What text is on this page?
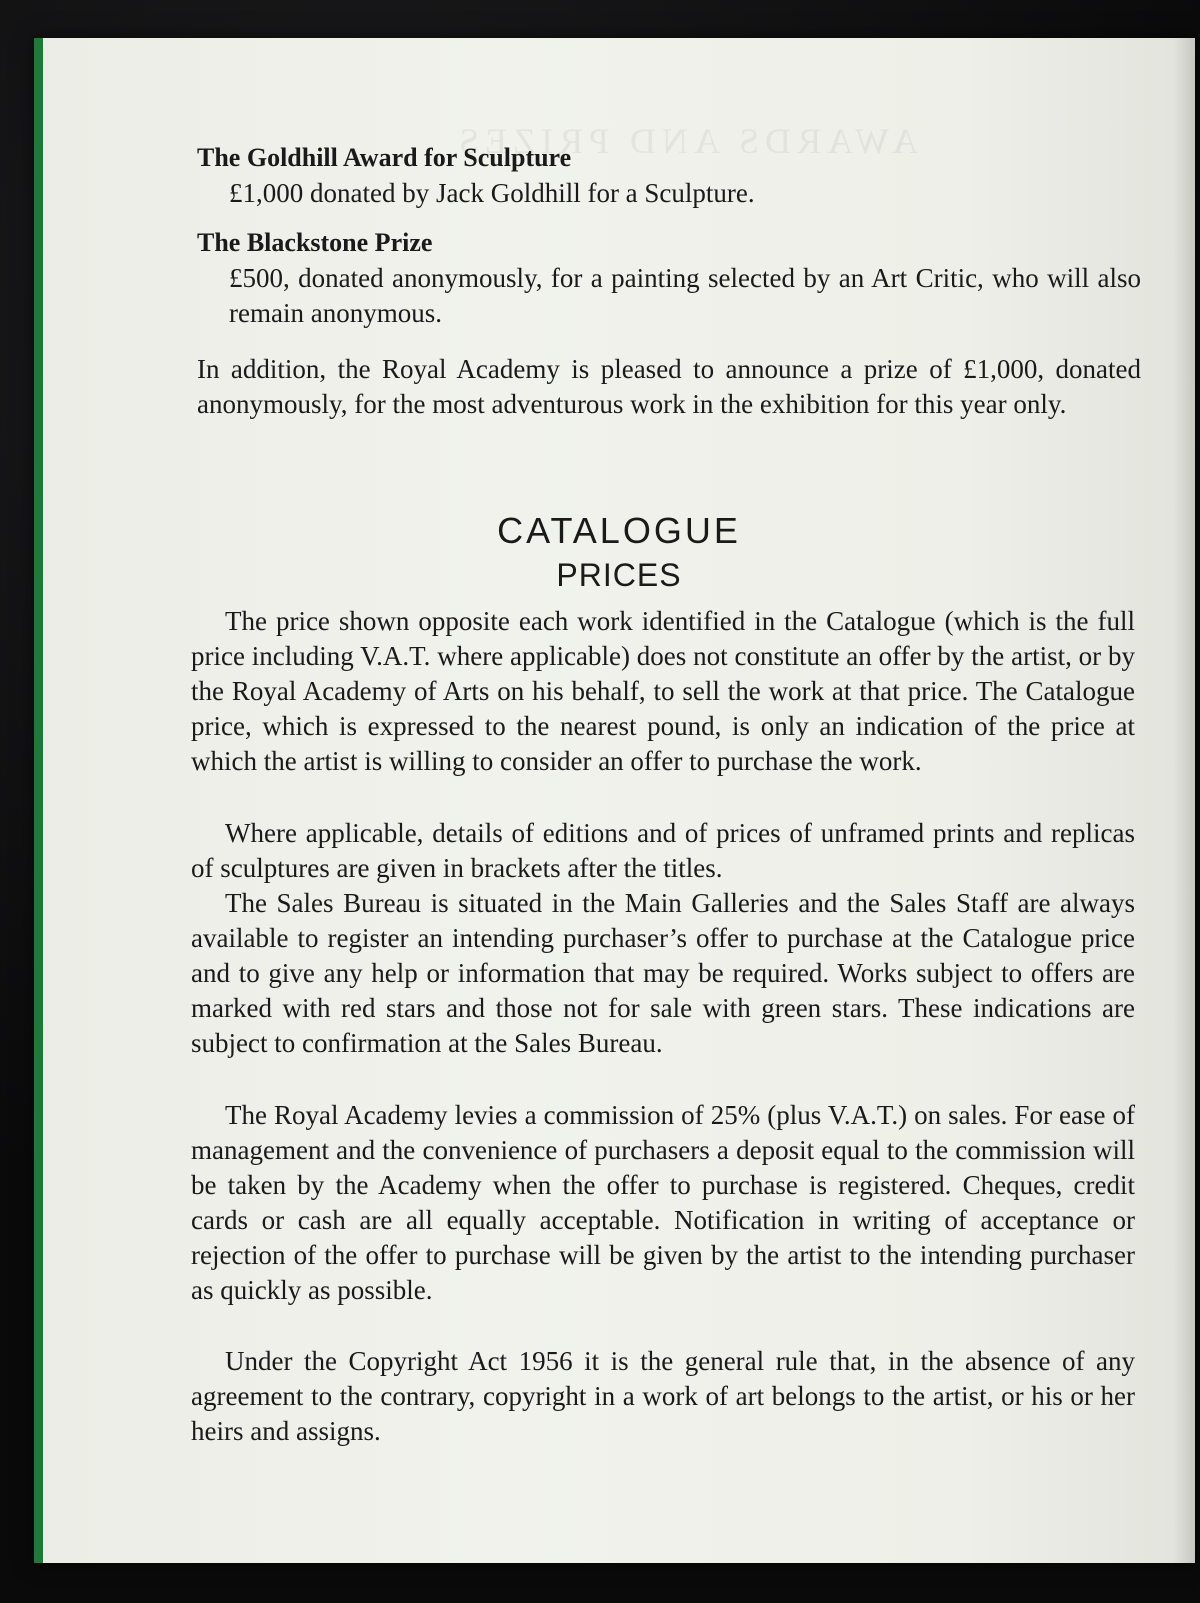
AWARDS AND PRIZES
The Goldhill Award for Sculpture
£1,000 donated by Jack Goldhill for a Sculpture.
The Blackstone Prize
£500, donated anonymously, for a painting selected by an Art Critic, who will also remain anonymous.
In addition, the Royal Academy is pleased to announce a prize of £1,000, donated anonymously, for the most adventurous work in the exhibition for this year only.
CATALOGUE
PRICES
The price shown opposite each work identified in the Catalogue (which is the full price including V.A.T. where applicable) does not constitute an offer by the artist, or by the Royal Academy of Arts on his behalf, to sell the work at that price. The Catalogue price, which is expressed to the nearest pound, is only an indication of the price at which the artist is willing to consider an offer to purchase the work.
Where applicable, details of editions and of prices of unframed prints and replicas of sculptures are given in brackets after the titles.
The Sales Bureau is situated in the Main Galleries and the Sales Staff are always available to register an intending purchaser’s offer to purchase at the Catalogue price and to give any help or information that may be required. Works subject to offers are marked with red stars and those not for sale with green stars. These indications are subject to confirmation at the Sales Bureau.
The Royal Academy levies a commission of 25% (plus V.A.T.) on sales. For ease of management and the convenience of purchasers a deposit equal to the commission will be taken by the Academy when the offer to purchase is registered. Cheques, credit cards or cash are all equally acceptable. Notification in writing of acceptance or rejection of the offer to purchase will be given by the artist to the intending purchaser as quickly as possible.
Under the Copyright Act 1956 it is the general rule that, in the absence of any agreement to the contrary, copyright in a work of art belongs to the artist, or his or her heirs and assigns.
